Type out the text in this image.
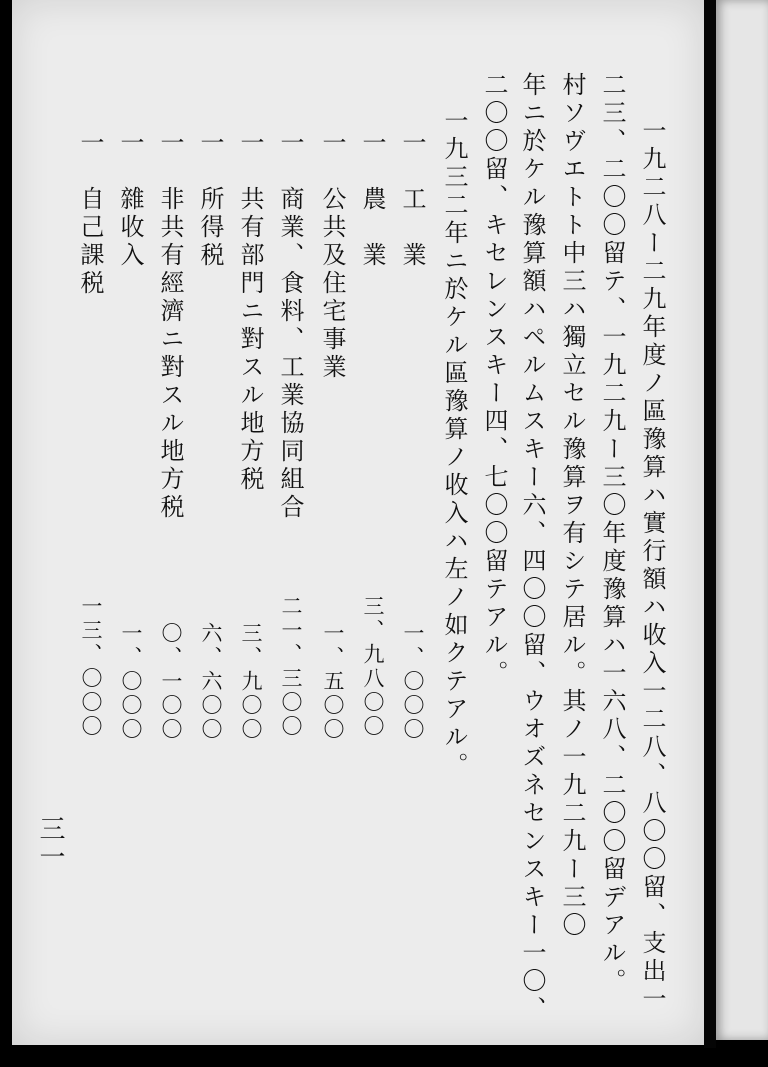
一九二八ー二九年度ノ區豫算ハ實行額ハ收入一二八、八〇〇留、支出一
二三、二〇〇留テ、一九二九ー三〇年度豫算ハ一六八、二〇〇留デアル。
村ソヴエトト中三ハ獨立セル豫算ヲ有シテ居ル。其ノ一九二九ー三〇
年ニ於ケル豫算額ハペルムスキー六、四〇〇留、ウオズネセンスキー一〇、
二〇〇留、キセレンスキー四、七〇〇留テアル。
一九三二年ニ於ケル區豫算ノ收入ハ左ノ如クテアル。
一　工　業
一　農　業
一　公共及住宅事業
一　商業、食料、工業協同組合
一　共有部門ニ對スル地方税
一　所得税
一　非共有經濟ニ對スル地方税
一　雜收入
一　自己課税
一、〇〇〇
三、九八〇〇
一、五〇〇
二一、三〇〇
三、九〇〇
六、六〇〇
〇、一〇〇
一、〇〇〇
一三、〇〇〇
三一
